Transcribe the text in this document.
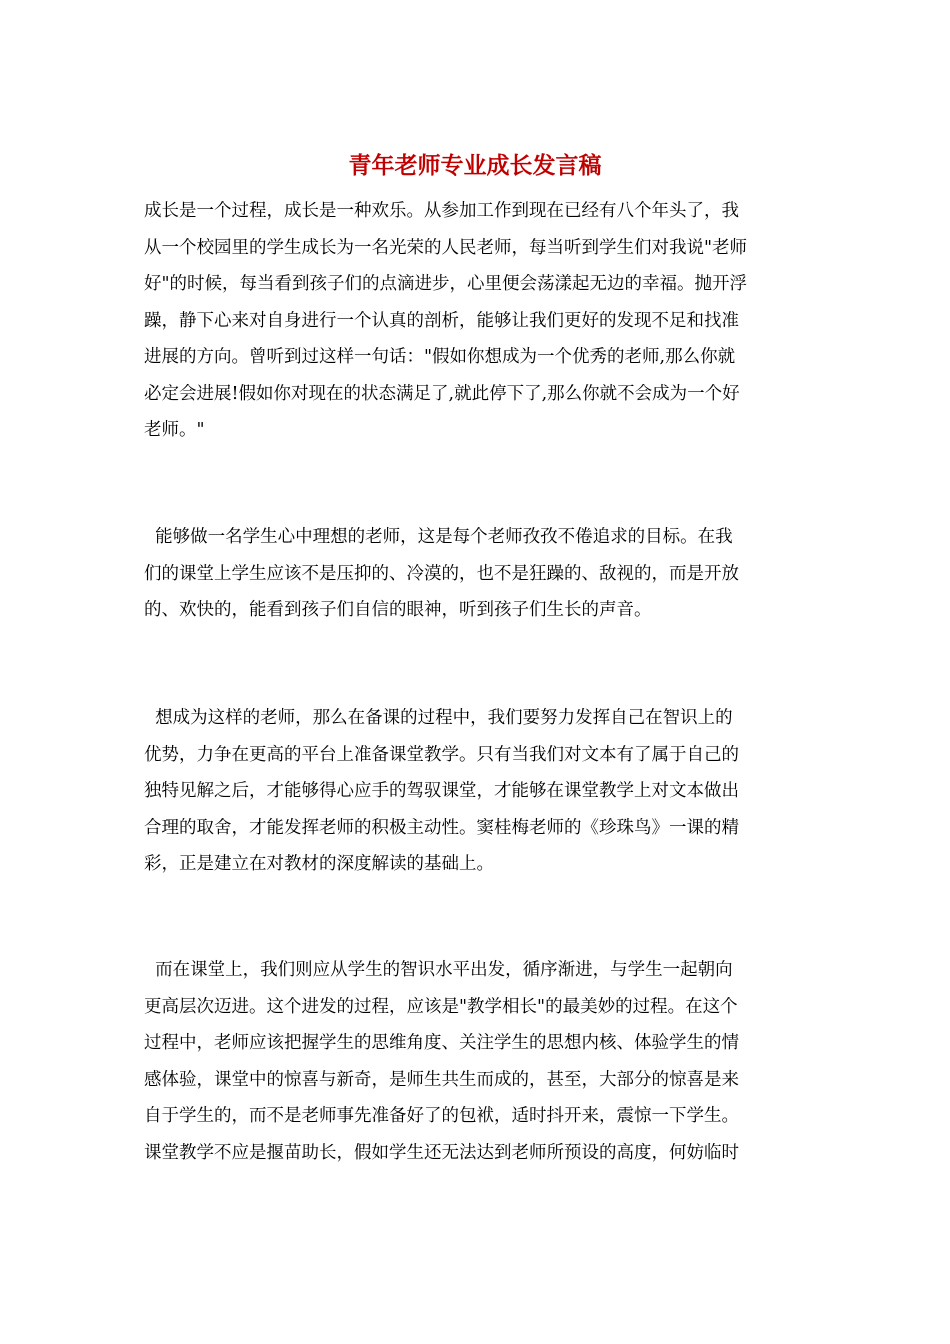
青年老师专业成长发言稿
成长是一个过程，成长是一种欢乐。从参加工作到现在已经有八个年头了，我
从一个校园里的学生成长为一名光荣的人民老师，每当听到学生们对我说"老师
好"的时候，每当看到孩子们的点滴进步，心里便会荡漾起无边的幸福。抛开浮
躁，静下心来对自身进行一个认真的剖析，能够让我们更好的发现不足和找准
进展的方向。曾听到过这样一句话："假如你想成为一个优秀的老师,那么你就
必定会进展!假如你对现在的状态满足了,就此停下了,那么你就不会成为一个好
老师。"
能够做一名学生心中理想的老师，这是每个老师孜孜不倦追求的目标。在我
们的课堂上学生应该不是压抑的、冷漠的，也不是狂躁的、敌视的，而是开放
的、欢快的，能看到孩子们自信的眼神，听到孩子们生长的声音。
想成为这样的老师，那么在备课的过程中，我们要努力发挥自己在智识上的
优势，力争在更高的平台上准备课堂教学。只有当我们对文本有了属于自己的
独特见解之后，才能够得心应手的驾驭课堂，才能够在课堂教学上对文本做出
合理的取舍，才能发挥老师的积极主动性。窦桂梅老师的《珍珠鸟》一课的精
彩，正是建立在对教材的深度解读的基础上。
而在课堂上，我们则应从学生的智识水平出发，循序渐进，与学生一起朝向
更高层次迈进。这个进发的过程，应该是"教学相长"的最美妙的过程。在这个
过程中，老师应该把握学生的思维角度、关注学生的思想内核、体验学生的情
感体验，课堂中的惊喜与新奇，是师生共生而成的，甚至，大部分的惊喜是来
自于学生的，而不是老师事先准备好了的包袱，适时抖开来，震惊一下学生。
课堂教学不应是揠苗助长，假如学生还无法达到老师所预设的高度，何妨临时
